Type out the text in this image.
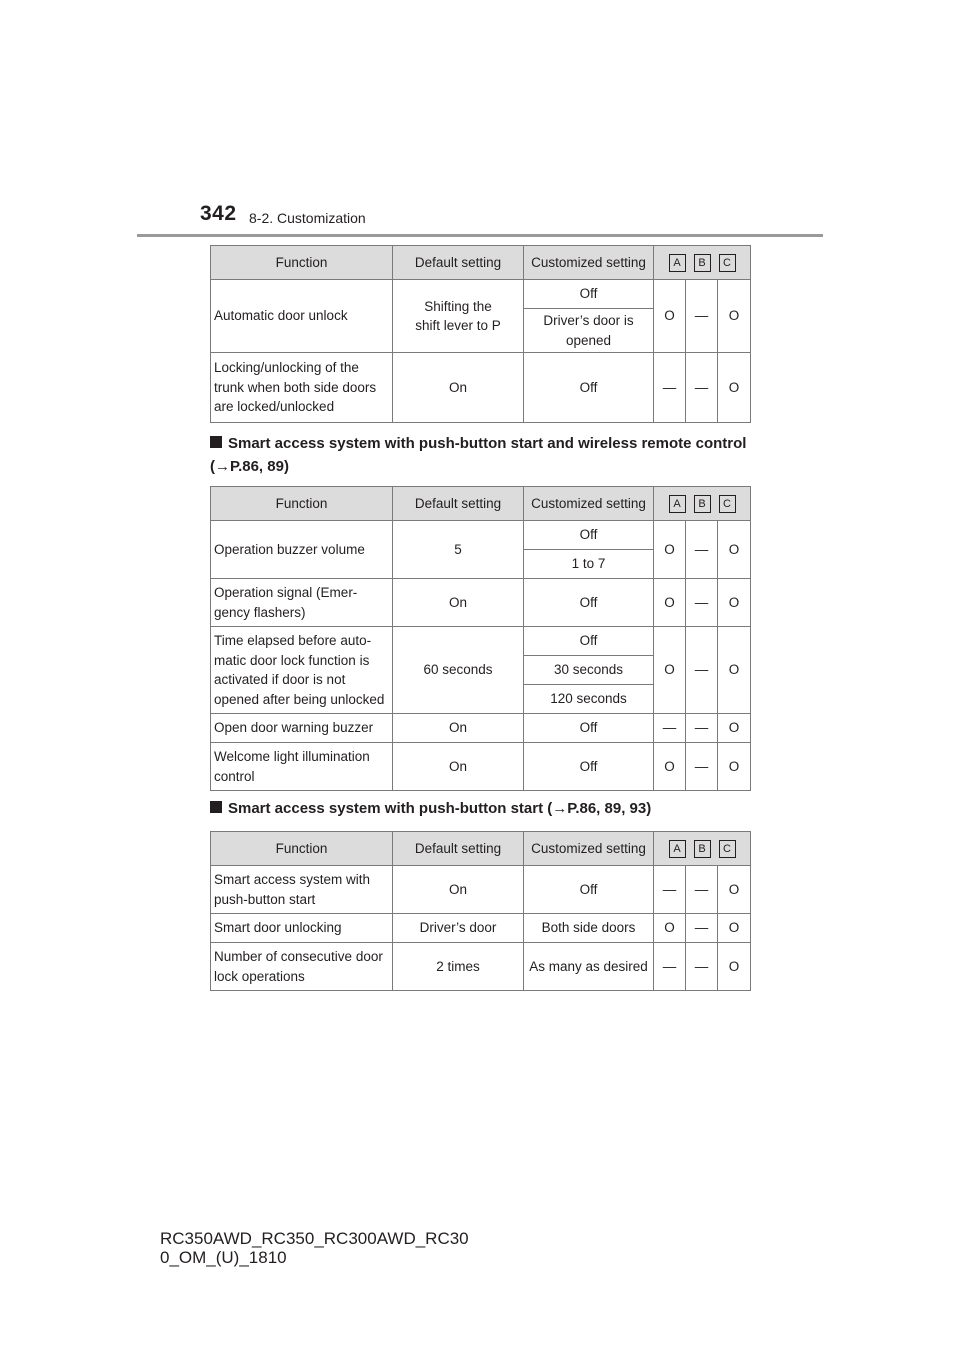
342 8-2. Customization
Function	Default setting	Customized setting	A B C		
Automatic door unlock	Shifting the shift lever to P	Off	O	—	O
		Driver’s door is opened			
Locking/unlocking of the trunk when both side doors are locked/unlocked	On	Off	—	—	O
Smart access system with push-button start and wireless remote control
(→P.86, 89)
Function	Default setting	Customized setting	A B C		
Operation buzzer volume	5	Off	O	—	O
		1 to 7			
Operation signal (Emer-gency flashers)	On	Off	O	—	O
Time elapsed before auto-matic door lock function is activated if door is not opened after being unlocked	60 seconds	Off	O	—	O
		30 seconds			
		120 seconds			
Open door warning buzzer	On	Off	—	—	O
Welcome light illumination control	On	Off	O	—	O
Smart access system with push-button start (→P.86, 89, 93)
Function	Default setting	Customized setting	A B C		
Smart access system with push-button start	On	Off	—	—	O
Smart door unlocking	Driver’s door	Both side doors	O	—	O
Number of consecutive door lock operations	2 times	As many as desired	—	—	O
RC350AWD_RC350_RC300AWD_RC30
0_OM_(U)_1810
